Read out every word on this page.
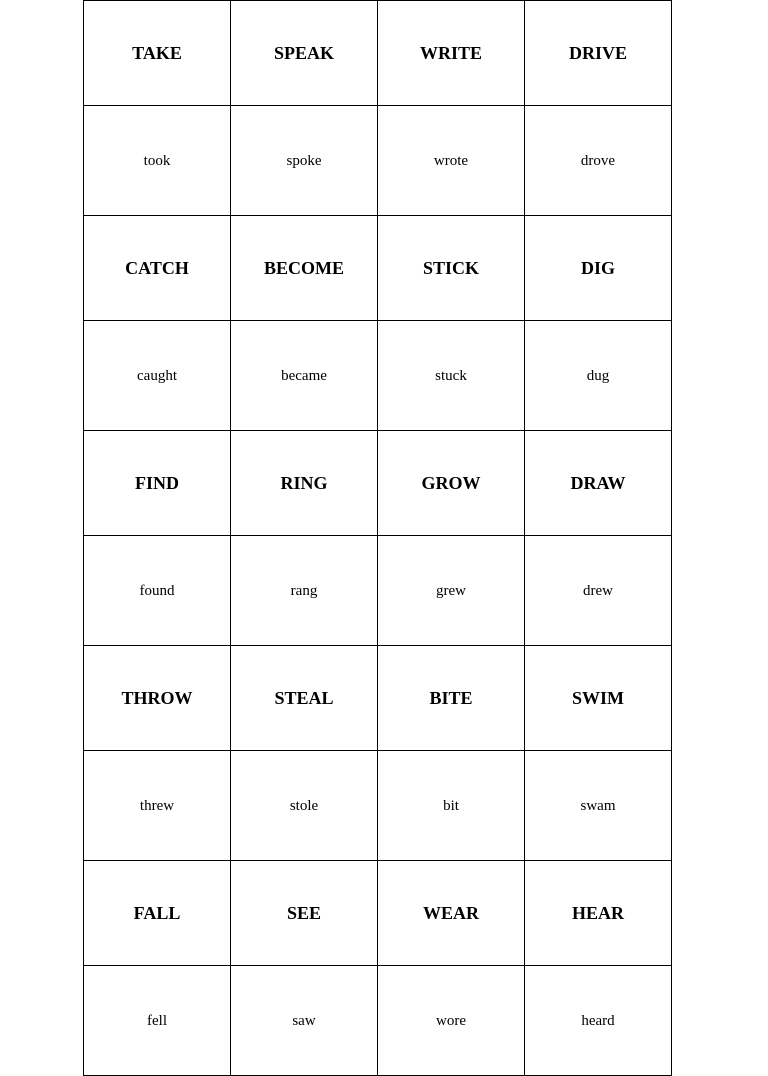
TAKE	SPEAK	WRITE	DRIVE
took	spoke	wrote	drove
CATCH	BECOME	STICK	DIG
caught	became	stuck	dug
FIND	RING	GROW	DRAW
found	rang	grew	drew
THROW	STEAL	BITE	SWIM
threw	stole	bit	swam
FALL	SEE	WEAR	HEAR
fell	saw	wore	heard
